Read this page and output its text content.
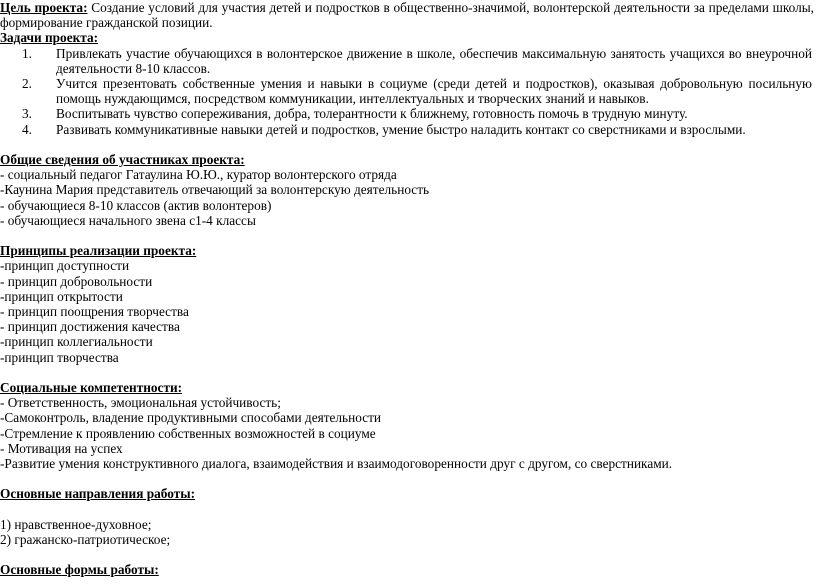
Цель проекта: Создание условий для участия детей и подростков в общественно-значимой, волонтерской деятельности за пределами школы, формирование гражданской позиции.

Задачи проекта:

1. Привлекать участие обучающихся в волонтерское движение в школе, обеспечив максимальную занятость учащихся во внеурочной деятельности 8-10 классов.
2. Учится презентовать собственные умения и навыки в социуме (среди детей и подростков), оказывая добровольную посильную помощь нуждающимся, посредством коммуникации, интеллектуальных и творческих знаний и навыков.
3. Воспитывать чувство сопереживания, добра, толерантности к ближнему, готовность помочь в трудную минуту.
4. Развивать коммуникативные навыки детей и подростков, умение быстро наладить контакт со сверстниками и взрослыми.

Общие сведения об участниках проекта:

- социальный педагог Гатаулина Ю.Ю., куратор волонтерского отряда

-Каунина Мария представитель отвечающий за волонтерскую деятельность

- обучающиеся 8-10 классов (актив волонтеров)

- обучающиеся начального звена с1-4 классы

Принципы реализации проекта:

-принцип доступности

- принцип добровольности

-принцип открытости

- принцип поощрения творчества

- принцип достижения качества

-принцип коллегиальности

-принцип творчества

Социальные компетентности:

- Ответственность, эмоциональная устойчивость;

-Самоконтроль, владение продуктивными способами деятельности

-Стремление к проявлению собственных возможностей в социуме

- Мотивация на успех

-Развитие умения конструктивного диалога, взаимодействия и взаимодоговоренности друг с другом, со сверстниками.

Основные направления работы:

1) нравственное-духовное;

2) гражанско-патриотическое;

Основные формы работы:
